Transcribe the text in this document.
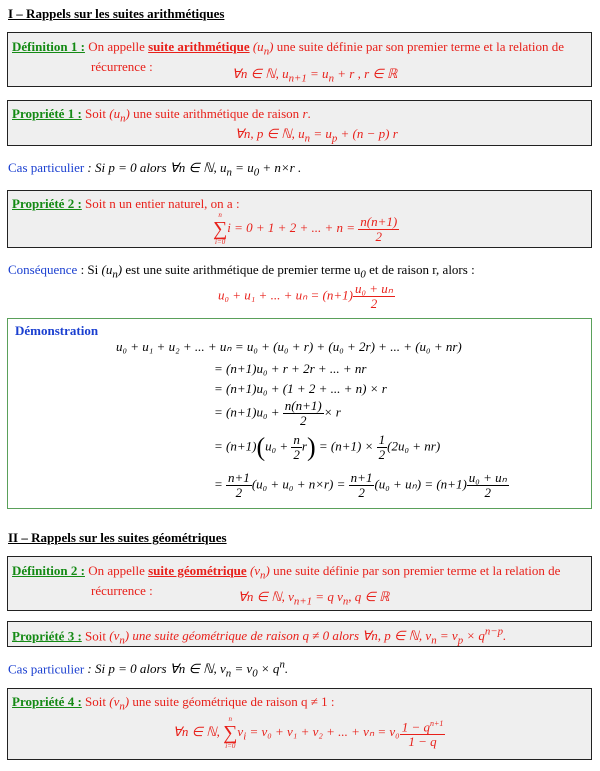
I – Rappels sur les suites arithmétiques
Définition 1 : On appelle suite arithmétique $(u_n)$ une suite définie par son premier terme et la relation de
récurrence :	∀n ∈ ℕ, $u_{n+1} = u_n + r$ , r ∈ ℝ
Propriété 1 : Soit $(u_n)$ une suite arithmétique de raison r.
∀n, p ∈ ℕ, $u_n = u_p + (n - p)$ r
Cas particulier : Si p = 0 alors ∀n ∈ ℕ, $u_n = u_0 + n\times r$ .
Propriété 2 : Soit n un entier naturel, on a :
n
∑
i=0
i = 0 + 1 + 2 + ... + $n = \frac{n(n+1)}{2}$
Conséquence : Si $(u_n)$ est une suite arithmétique de premier terme $u_0$ et de raison r, alors :
u₀ + u₁ + ... + $u_n = (n+1) \frac{\text{u₀ + uₙ}}{2}$
Démonstration
u₀ + u₁ + u₂ + ... + uₙ = u₀ + (u₀ + r) + (u₀ + 2r) + ... + (u₀ + nr)
= (n+1)u₀ + r + 2r + ... + nr
= (n+1)u₀ + (1 + 2 + ... + n) × r
= $(n+1)u_0 + \frac{n(n+1)}{2} \times r$
= $(n+1)(u_0 + \frac{n}{2} r) = (n+1) \times \frac{1}{2} (2u_0 + nr)$
= $\frac{n+1}{2} (u_0 + u_0 + n\times r) = \frac{n+1}{2} (u_0 + u_n) = (n+1) \frac{\text{u₀ + uₙ}}{2}$
II – Rappels sur les suites géométriques
Définition 2 : On appelle suite géométrique $(v_n)$ une suite définie par son premier terme et la relation de
récurrence :	∀n ∈ ℕ, $v_{n+1} = q$ $v_n$, q ∈ ℝ
Propriété 3 : Soit $(v_n)$ une suite géométrique de raison q ≠ 0 alors ∀n, p ∈ ℕ, $v_n = v_p \times q^{n-p}$.
Cas particulier : Si p = 0 alors ∀n ∈ ℕ, $v_n = v_0 \times q^n$.
Propriété 4 : Soit $(v_n)$ une suite géométrique de raison q ≠ 1 :
∀n ∈ ℕ,
n
∑
i=0
$v_i = v_0 + v_1 + v_2$ + ... + $v_n = v_0 \frac{1 - q^{n+1}}{1 - q}$
